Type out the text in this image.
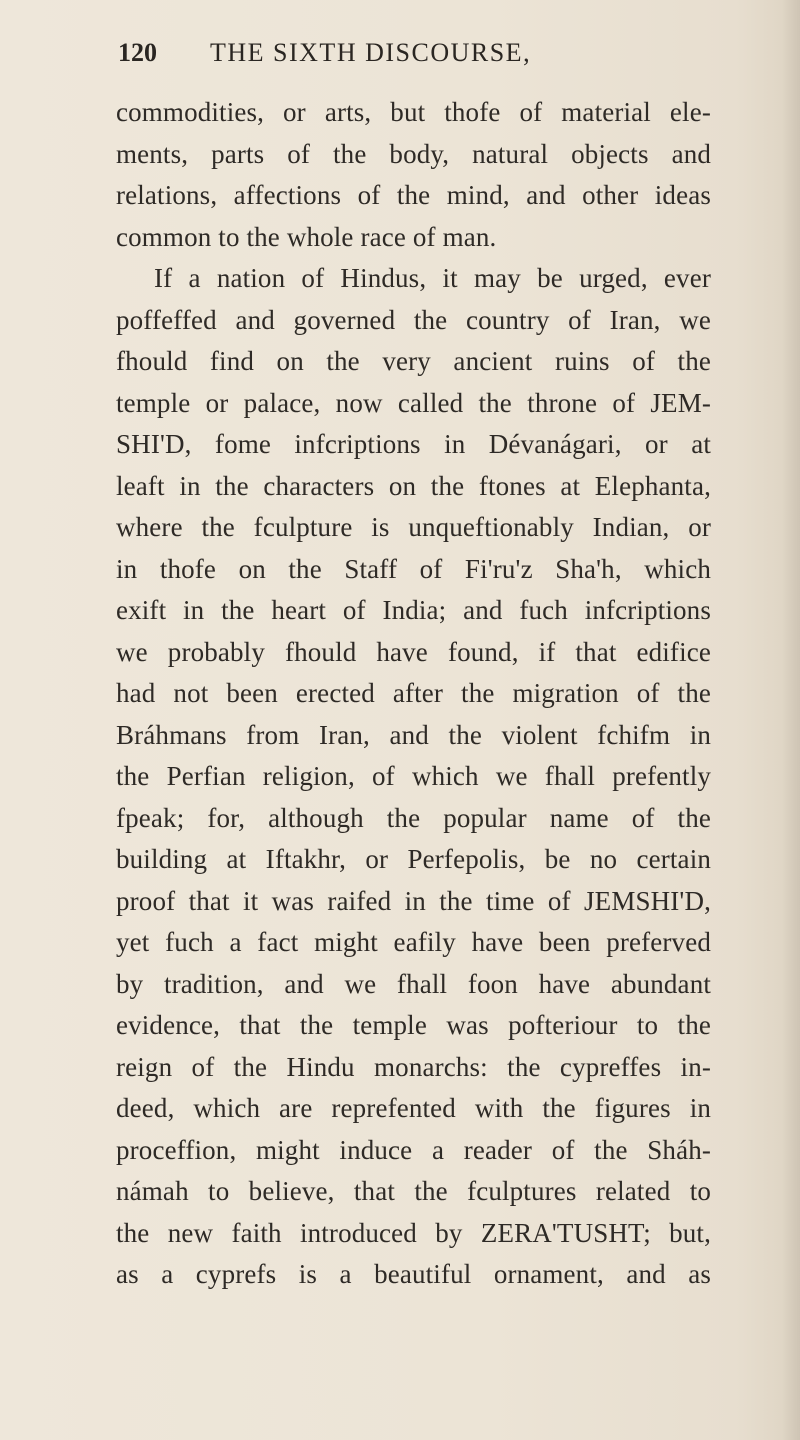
120 THE SIXTH DISCOURSE,
commodities, or arts, but thofe of material ele-
ments, parts of the body, natural objects and
relations, affections of the mind, and other ideas
common to the whole race of man.
If a nation of Hindus, it may be urged, ever
poffeffed and governed the country of Iran, we
fhould find on the very ancient ruins of the
temple or palace, now called the throne of JEM-
SHI'D, fome infcriptions in Dévanágari, or at
leaft in the characters on the ftones at Elephanta,
where the fculpture is unqueftionably Indian, or
in thofe on the Staff of Fi'ru'z Sha'h, which
exift in the heart of India; and fuch infcriptions
we probably fhould have found, if that edifice
had not been erected after the migration of the
Bráhmans from Iran, and the violent fchifm in
the Perfian religion, of which we fhall prefently
fpeak; for, although the popular name of the
building at Iftakhr, or Perfepolis, be no certain
proof that it was raifed in the time of JEMSHI'D,
yet fuch a fact might eafily have been preferved
by tradition, and we fhall foon have abundant
evidence, that the temple was pofteriour to the
reign of the Hindu monarchs: the cypreffes in-
deed, which are reprefented with the figures in
proceffion, might induce a reader of the Sháh-
námah to believe, that the fculptures related to
the new faith introduced by ZERA'TUSHT; but,
as a cyprefs is a beautiful ornament, and as
